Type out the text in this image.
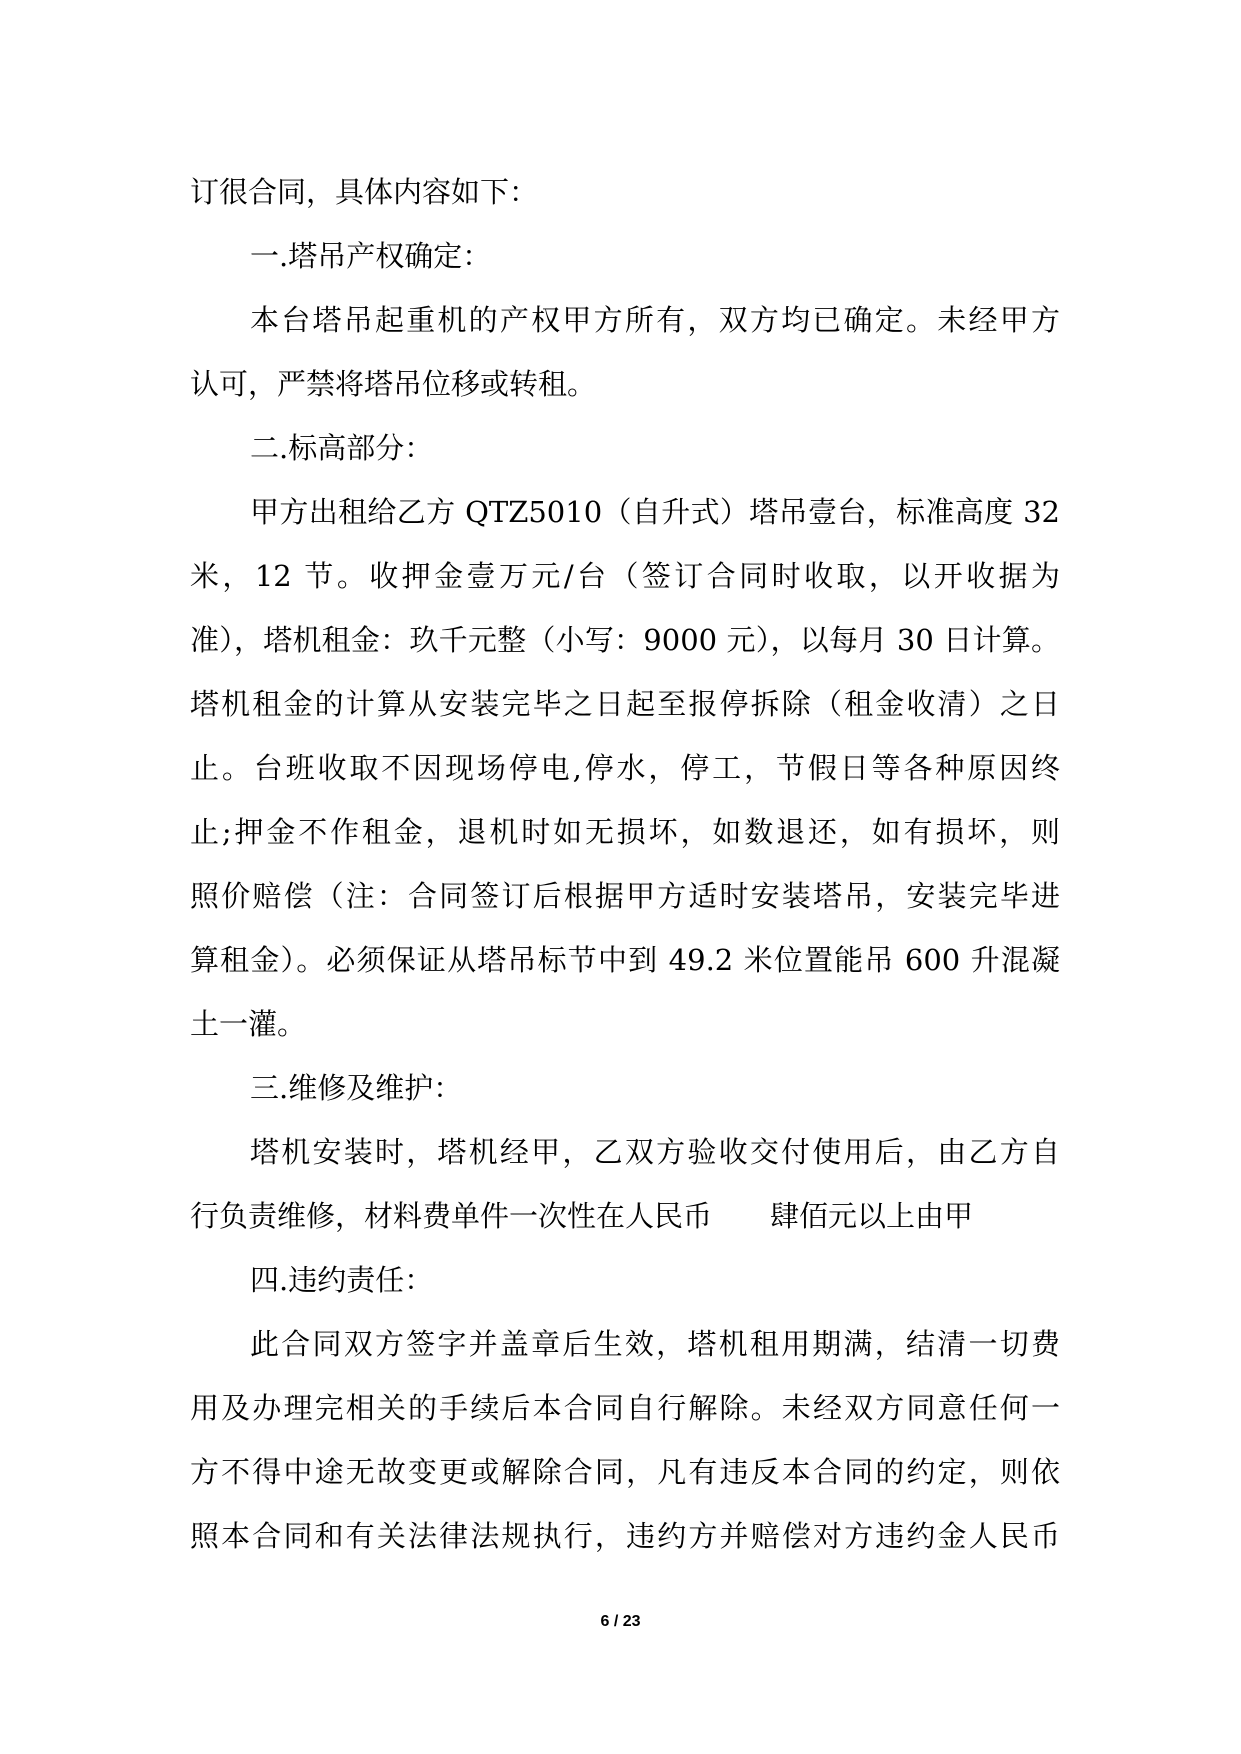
订很合同，具体内容如下：
一.塔吊产权确定：
本台塔吊起重机的产权甲方所有，双方均已确定。未经甲方
认可，严禁将塔吊位移或转租。
二.标高部分：
甲方出租给乙方 QTZ5010（自升式）塔吊壹台，标准高度 32
米，12 节。收押金壹万元/台（签订合同时收取，以开收据为
准），塔机租金：玖千元整（小写：9000 元），以每月 30 日计算。
塔机租金的计算从安装完毕之日起至报停拆除（租金收清）之日
止。台班收取不因现场停电,停水，停工，节假日等各种原因终
止;押金不作租金，退机时如无损坏，如数退还，如有损坏，则
照价赔偿（注：合同签订后根据甲方适时安装塔吊，安装完毕进
算租金）。必须保证从塔吊标节中到 49.2 米位置能吊 600 升混凝
土一灌。
三.维修及维护：
塔机安装时，塔机经甲，乙双方验收交付使用后，由乙方自
行负责维修，材料费单件一次性在人民币 肆佰元以上由甲
四.违约责任：
此合同双方签字并盖章后生效，塔机租用期满，结清一切费
用及办理完相关的手续后本合同自行解除。未经双方同意任何一
方不得中途无故变更或解除合同，凡有违反本合同的约定，则依
照本合同和有关法律法规执行，违约方并赔偿对方违约金人民币
6 / 23
